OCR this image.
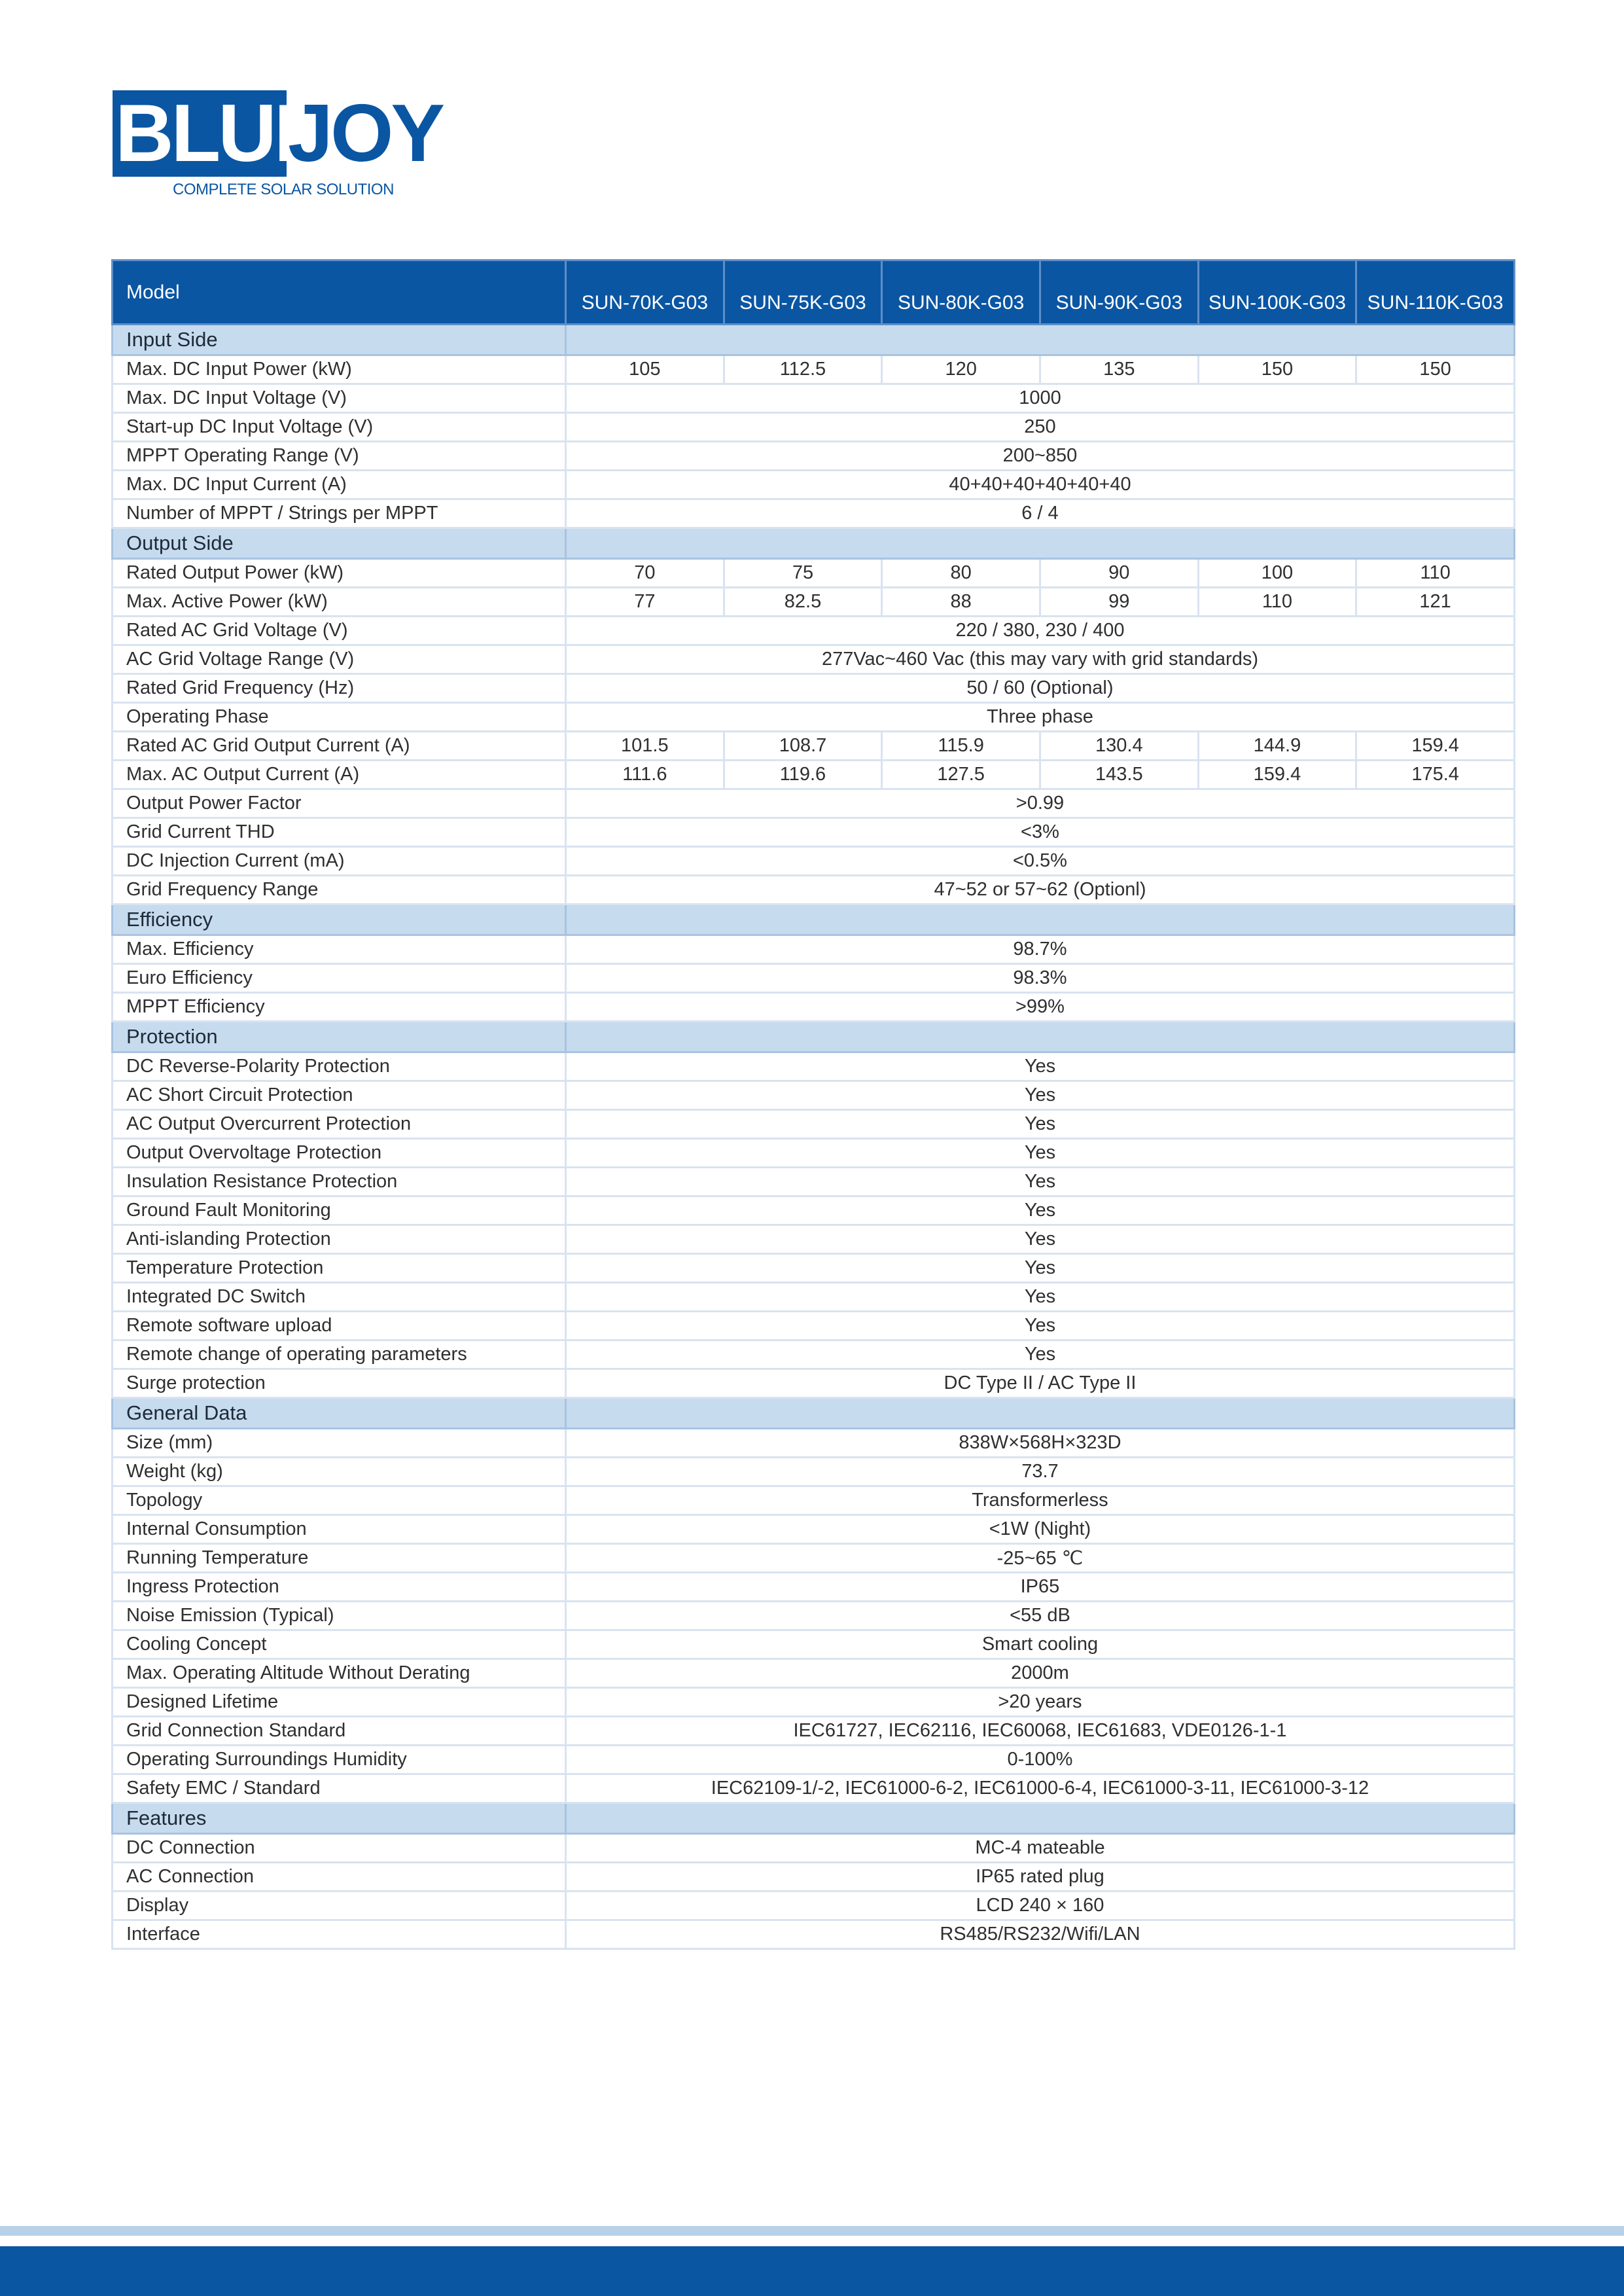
BLUE
JOY
COMPLETE SOLAR SOLUTION
Model	SUN-70K-G03	SUN-75K-G03	SUN-80K-G03	SUN-90K-G03	SUN-100K-G03	SUN-110K-G03
Input Side						
Max. DC Input Power (kW)	105	112.5	120	135	150	150
Max. DC Input Voltage (V)	1000					
Start-up DC Input Voltage (V)	250					
MPPT Operating Range (V)	200~850					
Max. DC Input Current (A)	40+40+40+40+40+40					
Number of MPPT / Strings per MPPT	6 / 4					
Output Side						
Rated Output Power (kW)	70	75	80	90	100	110
Max. Active Power (kW)	77	82.5	88	99	110	121
Rated AC Grid Voltage (V)	220 / 380, 230 / 400					
AC Grid Voltage Range (V)	277Vac~460 Vac (this may vary with grid standards)					
Rated Grid Frequency (Hz)	50 / 60 (Optional)					
Operating Phase	Three phase					
Rated AC Grid Output Current (A)	101.5	108.7	115.9	130.4	144.9	159.4
Max. AC Output Current (A)	111.6	119.6	127.5	143.5	159.4	175.4
Output Power Factor	>0.99					
Grid Current THD	<3%					
DC Injection Current (mA)	<0.5%					
Grid Frequency Range	47~52 or 57~62 (Optionl)					
Efficiency						
Max. Efficiency	98.7%					
Euro Efficiency	98.3%					
MPPT Efficiency	>99%					
Protection						
DC Reverse-Polarity Protection	Yes					
AC Short Circuit Protection	Yes					
AC Output Overcurrent Protection	Yes					
Output Overvoltage Protection	Yes					
Insulation Resistance Protection	Yes					
Ground Fault Monitoring	Yes					
Anti-islanding Protection	Yes					
Temperature Protection	Yes					
Integrated DC Switch	Yes					
Remote software upload	Yes					
Remote change of operating parameters	Yes					
Surge protection	DC Type II / AC Type II					
General Data						
Size (mm)	838W×568H×323D					
Weight (kg)	73.7					
Topology	Transformerless					
Internal Consumption	<1W (Night)					
Running Temperature	-25~65 ℃					
Ingress Protection	IP65					
Noise Emission (Typical)	<55 dB					
Cooling Concept	Smart cooling					
Max. Operating Altitude Without Derating	2000m					
Designed Lifetime	>20 years					
Grid Connection Standard	IEC61727, IEC62116, IEC60068, IEC61683, VDE0126-1-1					
Operating Surroundings Humidity	0-100%					
Safety EMC / Standard	IEC62109-1/-2, IEC61000-6-2, IEC61000-6-4, IEC61000-3-11, IEC61000-3-12					
Features						
DC Connection	MC-4 mateable					
AC Connection	IP65 rated plug					
Display	LCD 240 × 160					
Interface	RS485/RS232/Wifi/LAN					
